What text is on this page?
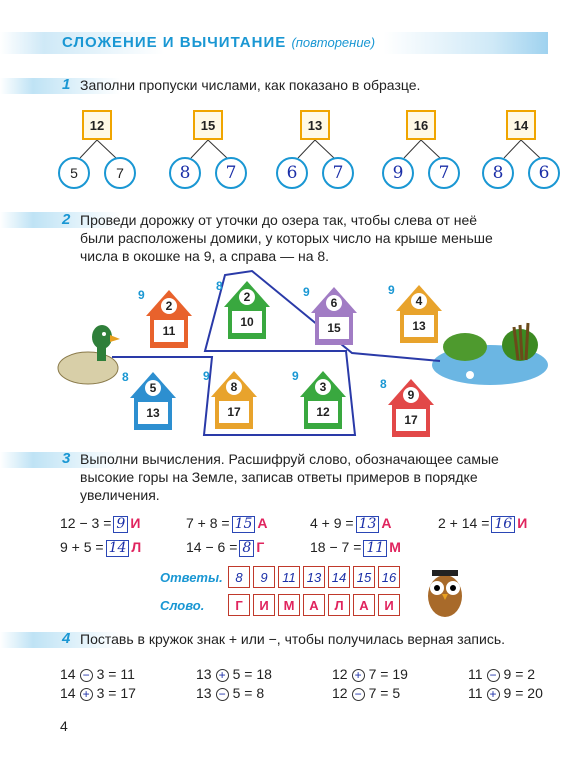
СЛОЖЕНИЕ И ВЫЧИТАНИЕ (повторение)
1 Заполни пропуски числами, как показано в образце.
12
5	7
15
8	7
13
6	7
16
9	7
14
8	6
2 Проведи дорожку от уточки до озера так, чтобы слева от неё
были расположены домики, у которых число на крыше меньше
числа в окошке на 9, а справа — на 8.
9
2
11
8
2
10
9
6
15
9
4
13
8
5
13
9
8
17
9
3
12
8
9
17
3 Выполни вычисления. Расшифруй слово, обозначающее самые
высокие горы на Земле, записав ответы примеров в порядке
увеличения.
12 − 3 = 9 И	7 + 8 = 15 А	4 + 9 = 13 А	2 + 14 = 16 И
9 + 5 = 14 Л	14 − 6 = 8 Г	18 − 7 = 11 М
Ответы. 8	9	11 13 14 15 16
Слово.	Г	И	М	А	Л	А	И
4 Поставь в кружок знак + или −, чтобы получилась верная запись.
14 − 3 = 11	13 + 5 = 18	12 + 7 = 19	11 − 9 = 2
14 + 3 = 17	13 − 5 = 8	12 − 7 = 5	11 + 9 = 20
4
